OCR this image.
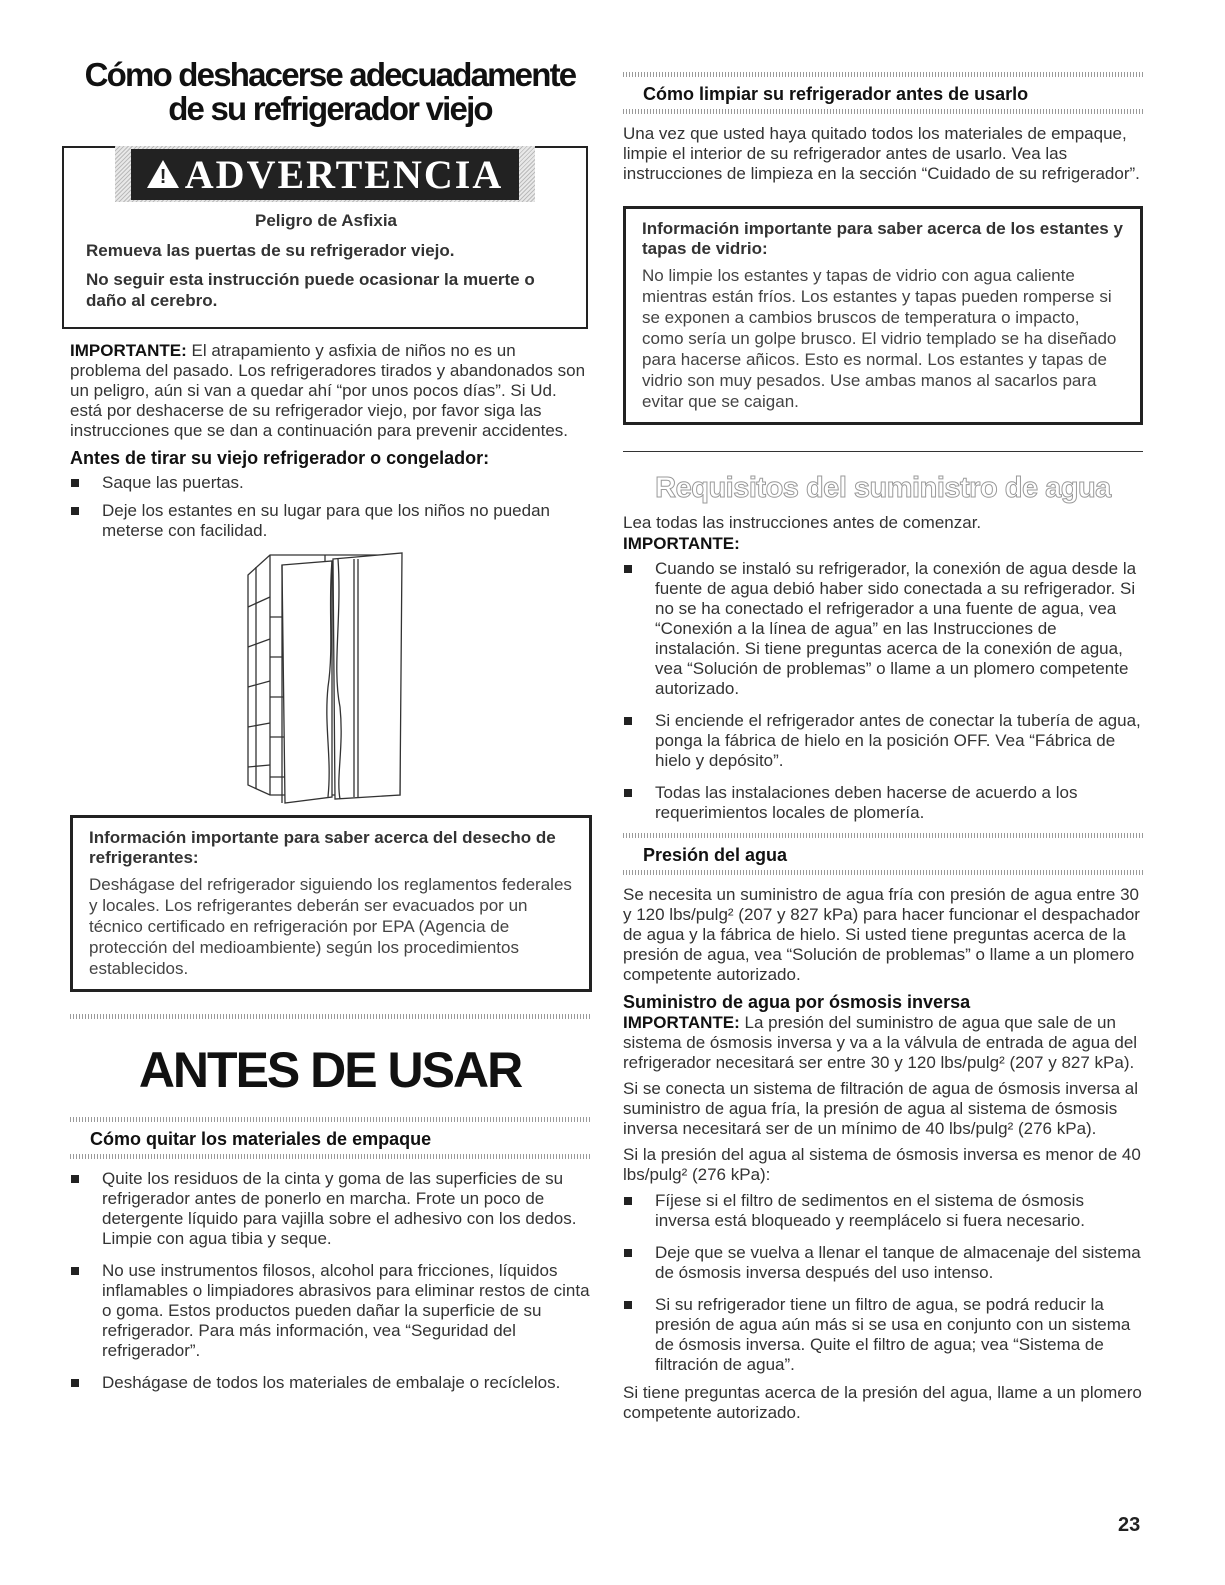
Cómo deshacerse adecuadamente de su refrigerador viejo
! ADVERTENCIA

Peligro de Asfixia

Remueva las puertas de su refrigerador viejo.

No seguir esta instrucción puede ocasionar la muerte o daño al cerebro.

IMPORTANTE: El atrapamiento y asfixia de niños no es un problema del pasado. Los refrigeradores tirados y abandonados son un peligro, aún si van a quedar ahí “por unos pocos días”. Si Ud. está por deshacerse de su refrigerador viejo, por favor siga las instrucciones que se dan a continuación para prevenir accidentes.

Antes de tirar su viejo refrigerador o congelador:
Saque las puertas.
Deje los estantes en su lugar para que los niños no puedan meterse con facilidad.
Información importante para saber acerca del desecho de refrigerantes:
Deshágase del refrigerador siguiendo los reglamentos federales y locales. Los refrigerantes deberán ser evacuados por un técnico certificado en refrigeración por EPA (Agencia de protección del medioambiente) según los procedimientos establecidos.
ANTES DE USAR
Cómo quitar los materiales de empaque
Quite los residuos de la cinta y goma de las superficies de su refrigerador antes de ponerlo en marcha. Frote un poco de detergente líquido para vajilla sobre el adhesivo con los dedos. Limpie con agua tibia y seque.
No use instrumentos filosos, alcohol para fricciones, líquidos inflamables o limpiadores abrasivos para eliminar restos de cinta o goma. Estos productos pueden dañar la superficie de su refrigerador. Para más información, vea “Seguridad del refrigerador”.
Deshágase de todos los materiales de embalaje o recíclelos.
Cómo limpiar su refrigerador antes de usarlo

Una vez que usted haya quitado todos los materiales de empaque, limpie el interior de su refrigerador antes de usarlo. Vea las instrucciones de limpieza en la sección “Cuidado de su refrigerador”.

Información importante para saber acerca de los estantes y tapas de vidrio:
No limpie los estantes y tapas de vidrio con agua caliente mientras están fríos. Los estantes y tapas pueden romperse si se exponen a cambios bruscos de temperatura o impacto, como sería un golpe brusco. El vidrio templado se ha diseñado para hacerse añicos. Esto es normal. Los estantes y tapas de vidrio son muy pesados. Use ambas manos al sacarlos para evitar que se caigan.
Requisitos del suministro de agua

Lea todas las instrucciones antes de comenzar.

IMPORTANTE:
Cuando se instaló su refrigerador, la conexión de agua desde la fuente de agua debió haber sido conectada a su refrigerador. Si no se ha conectado el refrigerador a una fuente de agua, vea “Conexión a la línea de agua” en las Instrucciones de instalación. Si tiene preguntas acerca de la conexión de agua, vea “Solución de problemas” o llame a un plomero competente autorizado.
Si enciende el refrigerador antes de conectar la tubería de agua, ponga la fábrica de hielo en la posición OFF. Vea “Fábrica de hielo y depósito”.
Todas las instalaciones deben hacerse de acuerdo a los requerimientos locales de plomería.
Presión del agua

Se necesita un suministro de agua fría con presión de agua entre 30 y 120 lbs/pulg² (207 y 827 kPa) para hacer funcionar el despachador de agua y la fábrica de hielo. Si usted tiene preguntas acerca de la presión de agua, vea “Solución de problemas” o llame a un plomero competente autorizado.

Suministro de agua por ósmosis inversa

IMPORTANTE: La presión del suministro de agua que sale de un sistema de ósmosis inversa y va a la válvula de entrada de agua del refrigerador necesitará ser entre 30 y 120 lbs/pulg² (207 y 827 kPa).

Si se conecta un sistema de filtración de agua de ósmosis inversa al suministro de agua fría, la presión de agua al sistema de ósmosis inversa necesitará ser de un mínimo de 40 lbs/pulg² (276 kPa).

Si la presión del agua al sistema de ósmosis inversa es menor de 40 lbs/pulg² (276 kPa):

Fíjese si el filtro de sedimentos en el sistema de ósmosis inversa está bloqueado y reemplácelo si fuera necesario.
Deje que se vuelva a llenar el tanque de almacenaje del sistema de ósmosis inversa después del uso intenso.
Si su refrigerador tiene un filtro de agua, se podrá reducir la presión de agua aún más si se usa en conjunto con un sistema de ósmosis inversa. Quite el filtro de agua; vea “Sistema de filtración de agua”.

Si tiene preguntas acerca de la presión del agua, llame a un plomero competente autorizado.

23
